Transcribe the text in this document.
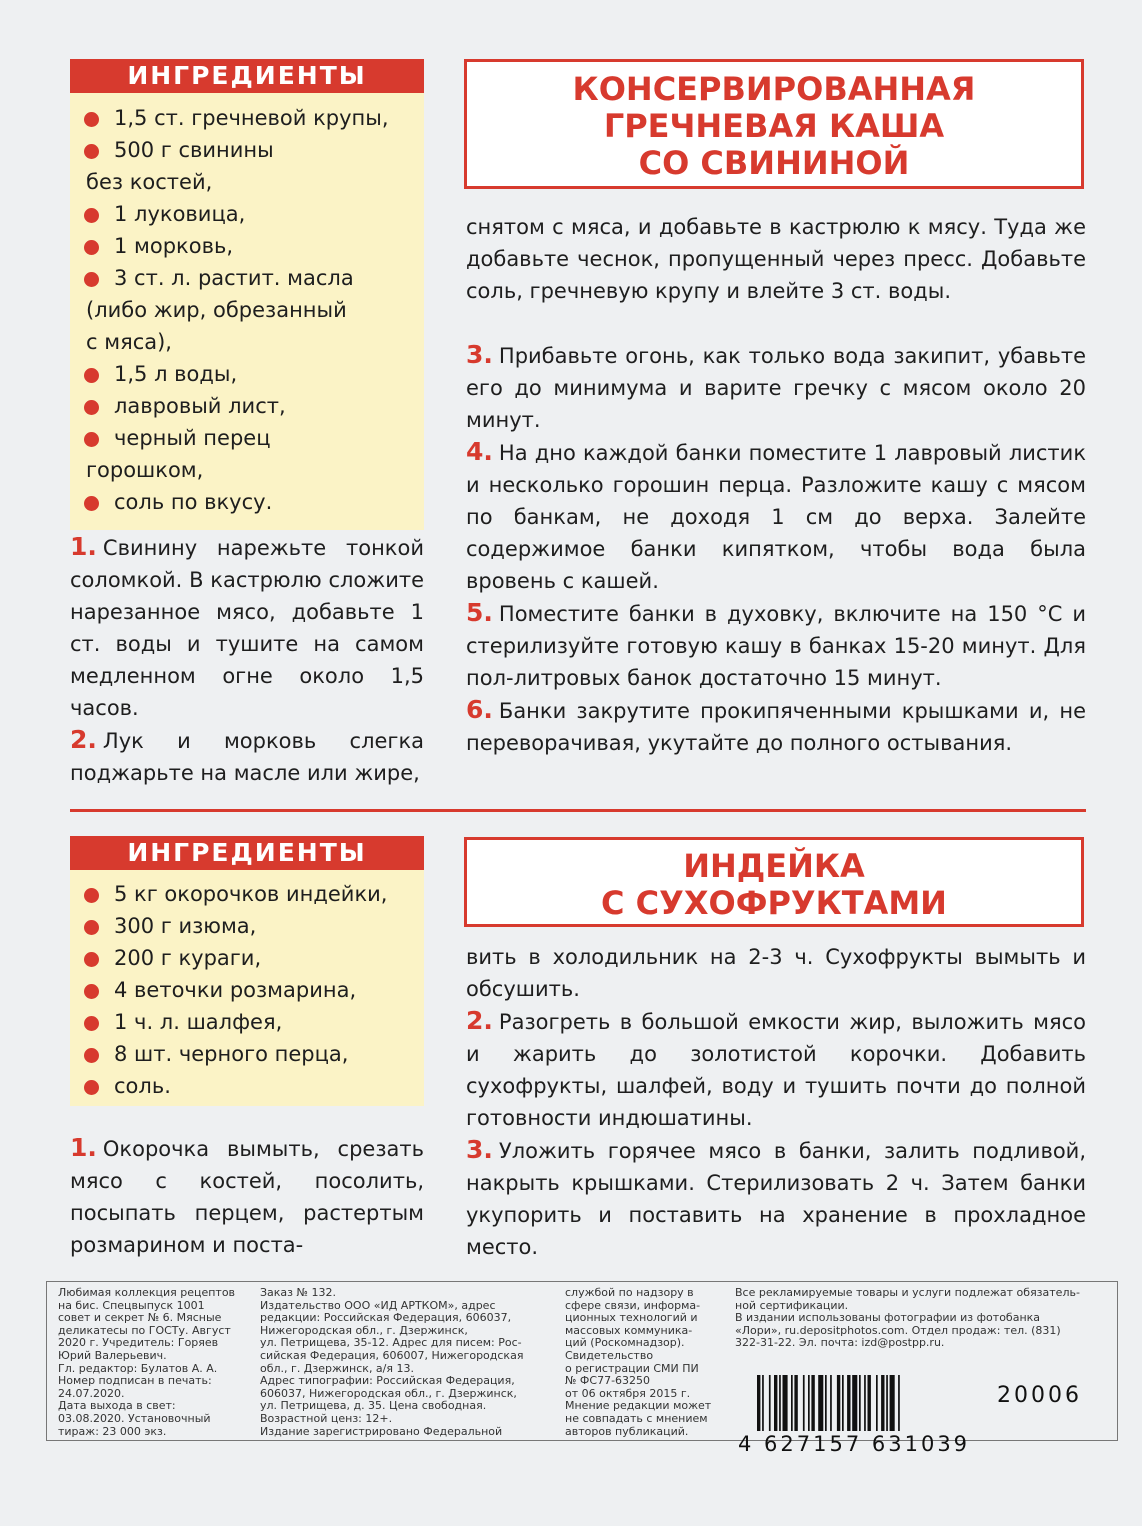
ИНГРЕДИЕНТЫ
1,5 ст. гречневой крупы,
500 г свинины
без костей,
1 луковица,
1 морковь,
3 ст. л. растит. масла
(либо жир, обрезанный
с мяса),
1,5 л воды,
лавровый лист,
черный перец
горошком,
соль по вкусу.
КОНСЕРВИРОВАННАЯ
ГРЕЧНЕВАЯ КАША
СО СВИНИНОЙ

1. Свинину нарежьте тонкой соломкой. В кастрюлю сложите нарезанное мясо, добавьте 1 ст. воды и тушите на самом медленном огне около 1,5 часов.

2. Лук и морковь слегка поджарьте на масле или жире,

снятом с мяса, и добавьте в кастрюлю к мясу. Туда же добавьте чеснок, пропущенный через пресс. Добавьте соль, гречневую крупу и влейте 3 ст. воды.

3. Прибавьте огонь, как только вода закипит, убавьте его до минимума и варите гречку с мясом около 20 минут.

4. На дно каждой банки поместите 1 лавровый листик и несколько горошин перца. Разложите кашу с мясом по банкам, не доходя 1 см до верха. Залейте содержимое банки кипятком, чтобы вода была вровень с кашей.

5. Поместите банки в духовку, включите на 150 °С и стерилизуйте готовую кашу в банках 15-20 минут. Для пол-литровых банок достаточно 15 минут.

6. Банки закрутите прокипяченными крышками и, не переворачивая, укутайте до полного остывания.

ИНГРЕДИЕНТЫ
5 кг окорочков индейки,
300 г изюма,
200 г кураги,
4 веточки розмарина,
1 ч. л. шалфея,
8 шт. черного перца,
соль.
ИНДЕЙКА
С СУХОФРУКТАМИ

1. Окорочка вымыть, срезать мясо с костей, посолить, посыпать перцем, растертым розмарином и поста-

вить в холодильник на 2-3 ч. Сухофрукты вымыть и обсушить.

2. Разогреть в большой емкости жир, выложить мясо и жарить до золотистой корочки. Добавить сухофрукты, шалфей, воду и тушить почти до полной готовности индюшатины.

3. Уложить горячее мясо в банки, залить подливой, накрыть крышками. Стерилизовать 2 ч. Затем банки укупорить и поставить на хранение в прохладное место.

Любимая коллекция рецептов
на бис. Спецвыпуск 1001
совет и секрет № 6. Мясные
деликатесы по ГОСТу. Август
2020 г. Учредитель: Горяев
Юрий Валерьевич.
Гл. редактор: Булатов А. А.
Номер подписан в печать:
24.07.2020.
Дата выхода в свет:
03.08.2020. Установочный
тираж: 23 000 экз.
Заказ № 132.
Издательство ООО «ИД АРТКОМ», адрес
редакции: Российская Федерация, 606037,
Нижегородская обл., г. Дзержинск,
ул. Петрищева, 35-12. Адрес для писем: Рос-
сийская Федерация, 606007, Нижегородская
обл., г. Дзержинск, а/я 13.
Адрес типографии: Российская Федерация,
606037, Нижегородская обл., г. Дзержинск,
ул. Петрищева, д. 35. Цена свободная.
Возрастной ценз: 12+.
Издание зарегистрировано Федеральной
службой по надзору в
сфере связи, информа-
ционных технологий и
массовых коммуника-
ций (Роскомнадзор).
Свидетельство
о регистрации СМИ ПИ
№ ФС77-63250
от 06 октября 2015 г.
Мнение редакции может
не совпадать с мнением
авторов публикаций.
Все рекламируемые товары и услуги подлежат обязатель-
ной сертификации.
В издании использованы фотографии из фотобанка
«Лори», ru.depositphotos.com. Отдел продаж: тел. (831)
322-31-22. Эл. почта: izd@postpp.ru.
4 627157 631039
20006
